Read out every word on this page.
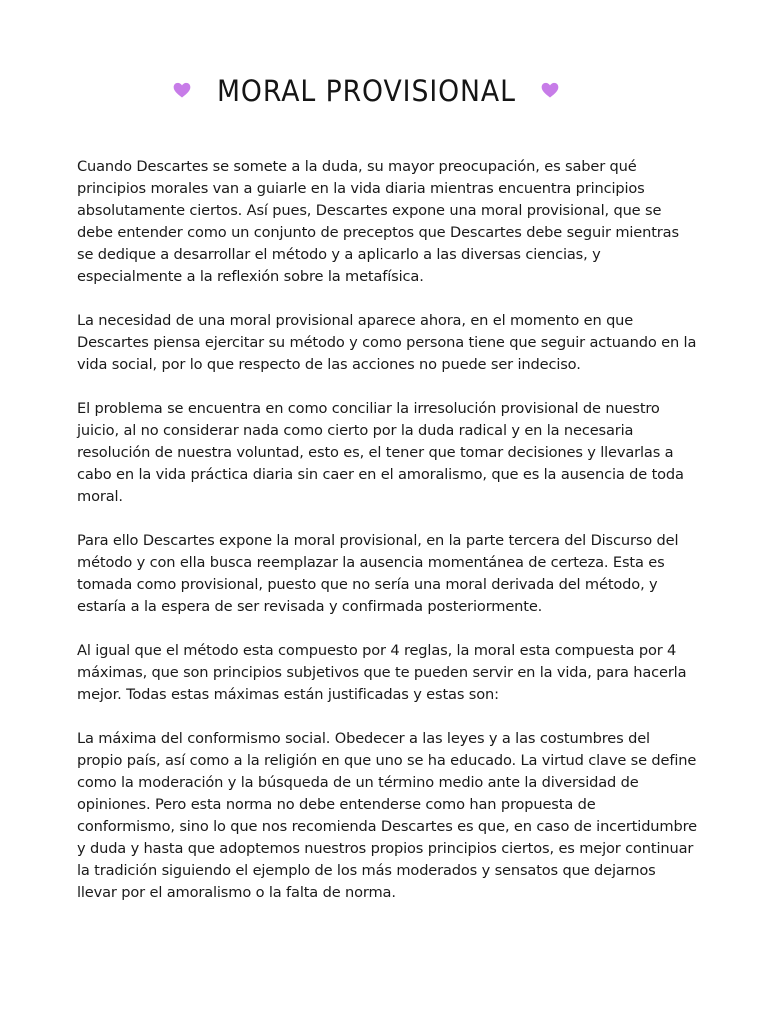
MORAL PROVISIONAL

Cuando Descartes se somete a la duda, su mayor preocupación, es saber qué principios morales van a guiarle en la vida diaria mientras encuentra principios absolutamente ciertos. Así pues, Descartes expone una moral provisional, que se debe entender como un conjunto de preceptos que Descartes debe seguir mientras se dedique a desarrollar el método y a aplicarlo a las diversas ciencias, y especialmente a la reflexión sobre la metafísica.

La necesidad de una moral provisional aparece ahora, en el momento en que Descartes piensa ejercitar su método y como persona tiene que seguir actuando en la vida social, por lo que respecto de las acciones no puede ser indeciso.

El problema se encuentra en como conciliar la irresolución provisional de nuestro juicio, al no considerar nada como cierto por la duda radical y en la necesaria resolución de nuestra voluntad, esto es, el tener que tomar decisiones y llevarlas a cabo en la vida práctica diaria sin caer en el amoralismo, que es la ausencia de toda moral.

Para ello Descartes expone la moral provisional, en la parte tercera del Discurso del método y con ella busca reemplazar la ausencia momentánea de certeza. Esta es tomada como provisional, puesto que no sería una moral derivada del método, y estaría a la espera de ser revisada y confirmada posteriormente.

Al igual que el método esta compuesto por 4 reglas, la moral esta compuesta por 4 máximas, que son principios subjetivos que te pueden servir en la vida, para hacerla mejor. Todas estas máximas están justificadas y estas son:

La máxima del conformismo social. Obedecer a las leyes y a las costumbres del propio país, así como a la religión en que uno se ha educado. La virtud clave se define como la moderación y la búsqueda de un término medio ante la diversidad de opiniones. Pero esta norma no debe entenderse como han propuesta de conformismo, sino lo que nos recomienda Descartes es que, en caso de incertidumbre y duda y hasta que adoptemos nuestros propios principios ciertos, es mejor continuar la tradición siguiendo el ejemplo de los más moderados y sensatos que dejarnos llevar por el amoralismo o la falta de norma.
